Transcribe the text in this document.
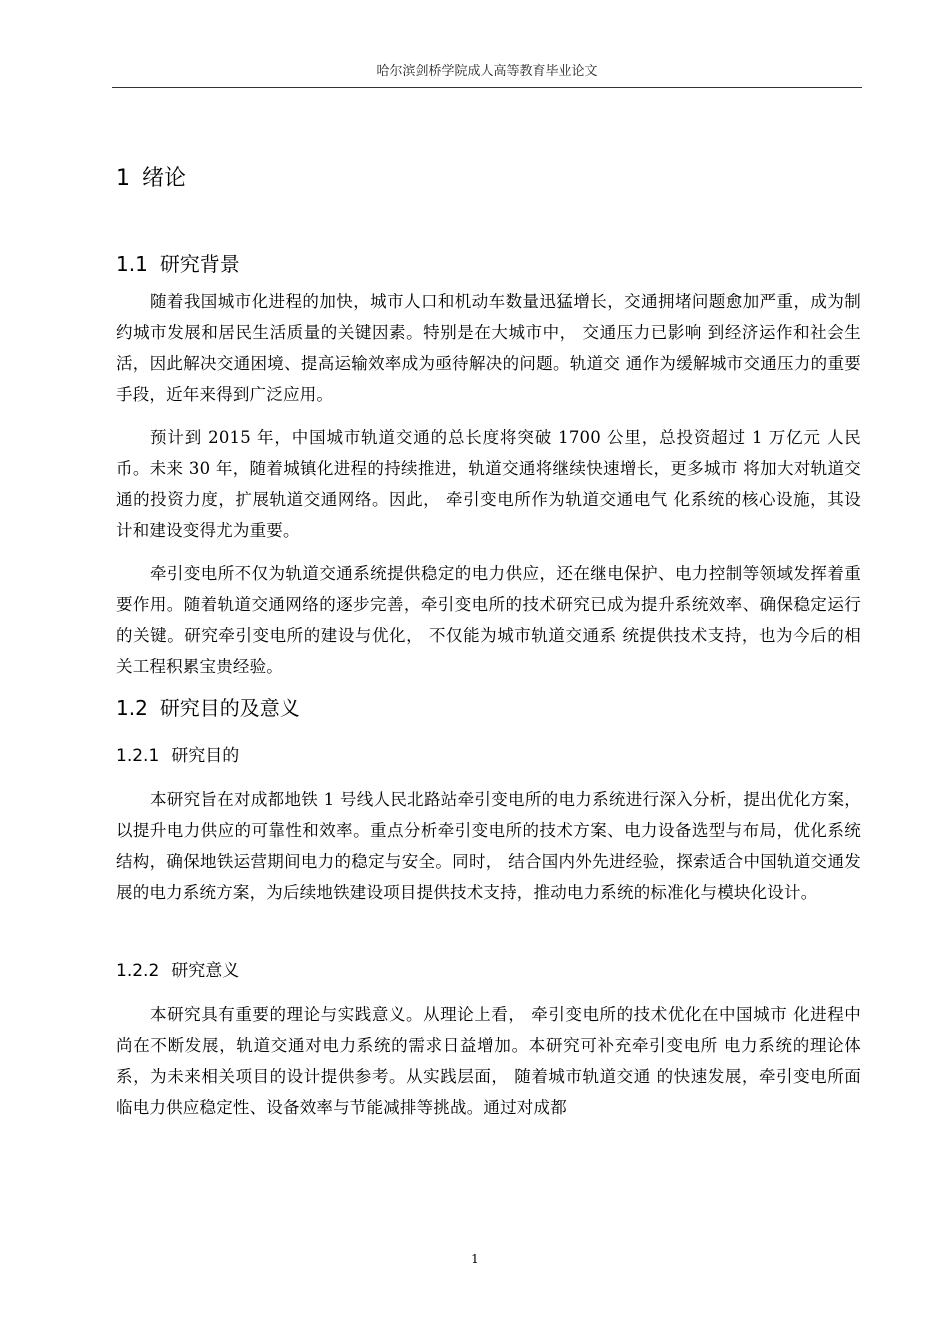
哈尔滨剑桥学院成人高等教育毕业论文
1 绪论
1.1 研究背景

随着我国城市化进程的加快，城市人口和机动车数量迅猛增长，交通拥堵问题愈加严重，成为制约城市发展和居民生活质量的关键因素。特别是在大城市中， 交通压力已影响 到经济运作和社会生活，因此解决交通困境、提高运输效率成为亟待解决的问题。轨道交 通作为缓解城市交通压力的重要手段，近年来得到广泛应用。

预计到 2015 年，中国城市轨道交通的总长度将突破 1700 公里，总投资超过 1 万亿元 人民币。未来 30 年，随着城镇化进程的持续推进，轨道交通将继续快速增长，更多城市 将加大对轨道交通的投资力度，扩展轨道交通网络。因此， 牵引变电所作为轨道交通电气 化系统的核心设施，其设计和建设变得尤为重要。

牵引变电所不仅为轨道交通系统提供稳定的电力供应，还在继电保护、电力控制等领域发挥着重要作用。随着轨道交通网络的逐步完善，牵引变电所的技术研究已成为提升系统效率、确保稳定运行的关键。研究牵引变电所的建设与优化， 不仅能为城市轨道交通系 统提供技术支持，也为今后的相关工程积累宝贵经验。

1.2 研究目的及意义
1.2.1 研究目的

本研究旨在对成都地铁 1 号线人民北路站牵引变电所的电力系统进行深入分析，提出优化方案，以提升电力供应的可靠性和效率。重点分析牵引变电所的技术方案、电力设备选型与布局，优化系统结构，确保地铁运营期间电力的稳定与安全。同时， 结合国内外先进经验，探索适合中国轨道交通发展的电力系统方案，为后续地铁建设项目提供技术支持，推动电力系统的标准化与模块化设计。

1.2.2 研究意义

本研究具有重要的理论与实践意义。从理论上看， 牵引变电所的技术优化在中国城市 化进程中尚在不断发展，轨道交通对电力系统的需求日益增加。本研究可补充牵引变电所 电力系统的理论体系，为未来相关项目的设计提供参考。从实践层面， 随着城市轨道交通 的快速发展，牵引变电所面临电力供应稳定性、设备效率与节能减排等挑战。通过对成都

1
